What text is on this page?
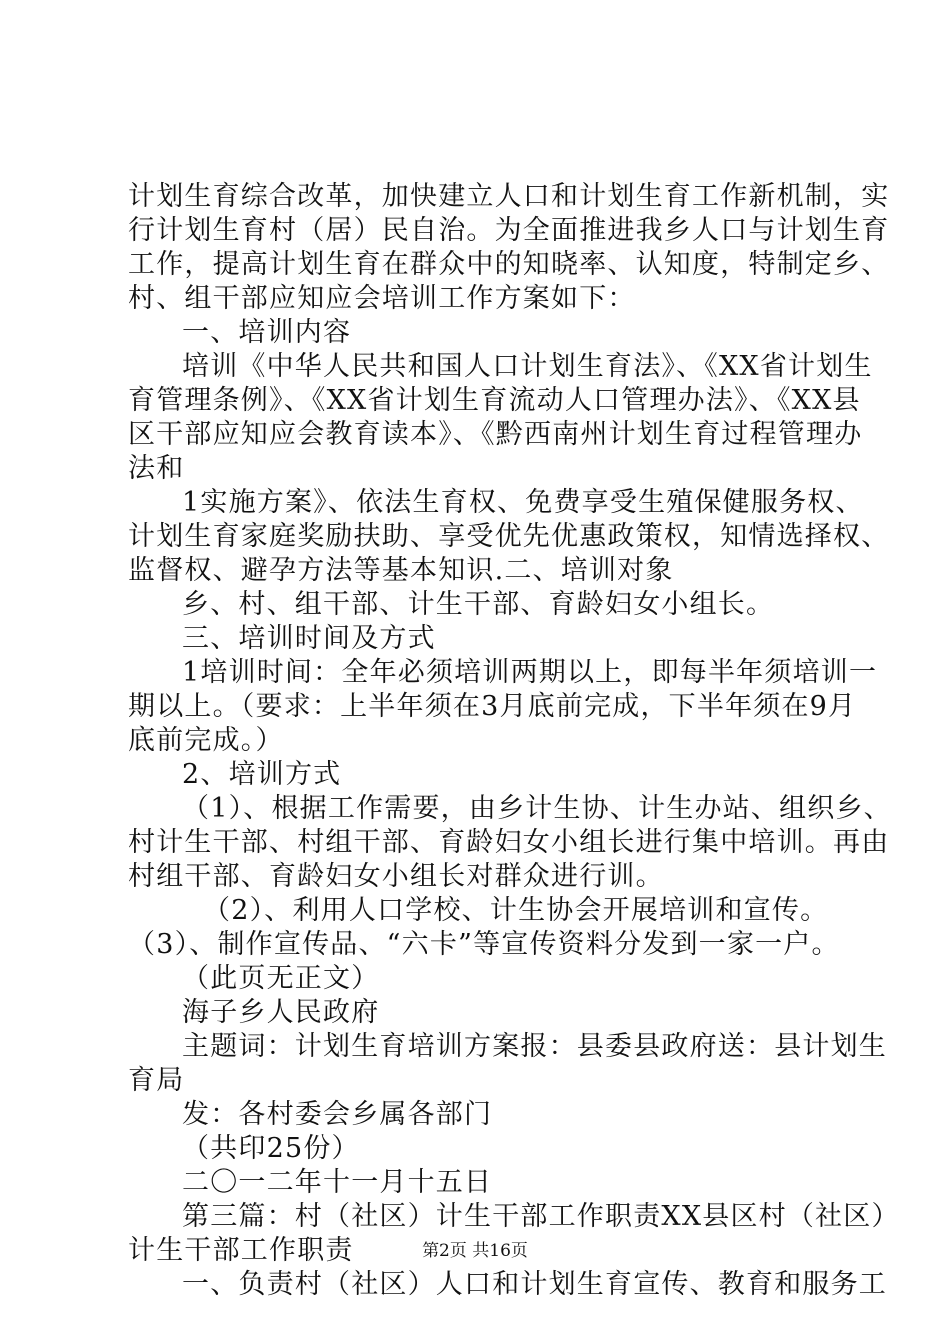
计划生育综合改革，加快建立人口和计划生育工作新机制，实
行计划生育村（居）民自治。为全面推进我乡人口与计划生育
工作，提高计划生育在群众中的知晓率、认知度，特制定乡、
村、组干部应知应会培训工作方案如下：
一、培训内容
培训《中华人民共和国人口计划生育法》、《XX省计划生
育管理条例》、《XX省计划生育流动人口管理办法》、《XX县
区干部应知应会教育读本》、《黔西南州计划生育过程管理办
法和
1实施方案》、依法生育权、免费享受生殖保健服务权、
计划生育家庭奖励扶助、享受优先优惠政策权，知情选择权、
监督权、避孕方法等基本知识.二、培训对象
乡、村、组干部、计生干部、育龄妇女小组长。
三、培训时间及方式
1培训时间：全年必须培训两期以上，即每半年须培训一
期以上。（要求：上半年须在3月底前完成，下半年须在9月
底前完成。）
2、培训方式
（1）、根据工作需要，由乡计生协、计生办站、组织乡、
村计生干部、村组干部、育龄妇女小组长进行集中培训。再由
村组干部、育龄妇女小组长对群众进行训。
（2）、利用人口学校、计生协会开展培训和宣传。
（3）、制作宣传品、“六卡”等宣传资料分发到一家一户。
（此页无正文）
海子乡人民政府
主题词：计划生育培训方案报：县委县政府送：县计划生
育局
发：各村委会乡属各部门
（共印25份）
二〇一二年十一月十五日
第三篇：村（社区）计生干部工作职责XX县区村（社区）
计生干部工作职责
一、负责村（社区）人口和计划生育宣传、教育和服务工
第2页 共16页
